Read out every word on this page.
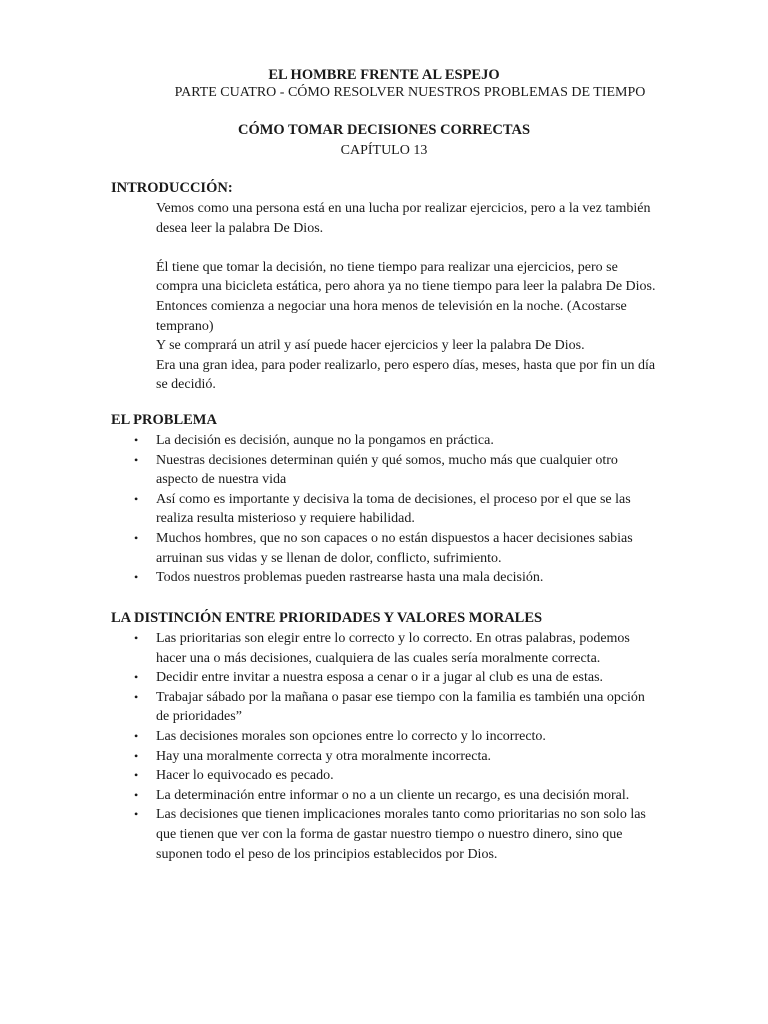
EL HOMBRE FRENTE AL ESPEJO
PARTE CUATRO - CÓMO RESOLVER NUESTROS PROBLEMAS DE TIEMPO
CÓMO TOMAR DECISIONES CORRECTAS
CAPÍTULO 13
INTRODUCCIÓN:

Vemos como una persona está en una lucha por realizar ejercicios, pero a la vez también desea leer la palabra De Dios.

Él tiene que tomar la decisión, no tiene tiempo para realizar una ejercicios, pero se compra una bicicleta estática, pero ahora ya no tiene tiempo para leer la palabra De Dios. Entonces comienza a negociar una hora menos de televisión en la noche. (Acostarse temprano)

Y se comprará un atril y así puede hacer ejercicios y leer la palabra De Dios.

Era una gran idea, para poder realizarlo, pero espero días, meses, hasta que por fin un día se decidió.

EL PROBLEMA
• La decisión es decisión, aunque no la pongamos en práctica.
• Nuestras decisiones determinan quién y qué somos, mucho más que cualquier otro aspecto de nuestra vida
• Así como es importante y decisiva la toma de decisiones, el proceso por el que se las realiza resulta misterioso y requiere habilidad.
• Muchos hombres, que no son capaces o no están dispuestos a hacer decisiones sabias arruinan sus vidas y se llenan de dolor, conflicto, sufrimiento.
• Todos nuestros problemas pueden rastrearse hasta una mala decisión.
LA DISTINCIÓN ENTRE PRIORIDADES Y VALORES MORALES
• Las prioritarias son elegir entre lo correcto y lo correcto. En otras palabras, podemos hacer una o más decisiones, cualquiera de las cuales sería moralmente correcta.
• Decidir entre invitar a nuestra esposa a cenar o ir a jugar al club es una de estas.
• Trabajar sábado por la mañana o pasar ese tiempo con la familia es también una opción de prioridades”
• Las decisiones morales son opciones entre lo correcto y lo incorrecto.
• Hay una moralmente correcta y otra moralmente incorrecta.
• Hacer lo equivocado es pecado.
• La determinación entre informar o no a un cliente un recargo, es una decisión moral.
• Las decisiones que tienen implicaciones morales tanto como prioritarias no son solo las que tienen que ver con la forma de gastar nuestro tiempo o nuestro dinero, sino que suponen todo el peso de los principios establecidos por Dios.
